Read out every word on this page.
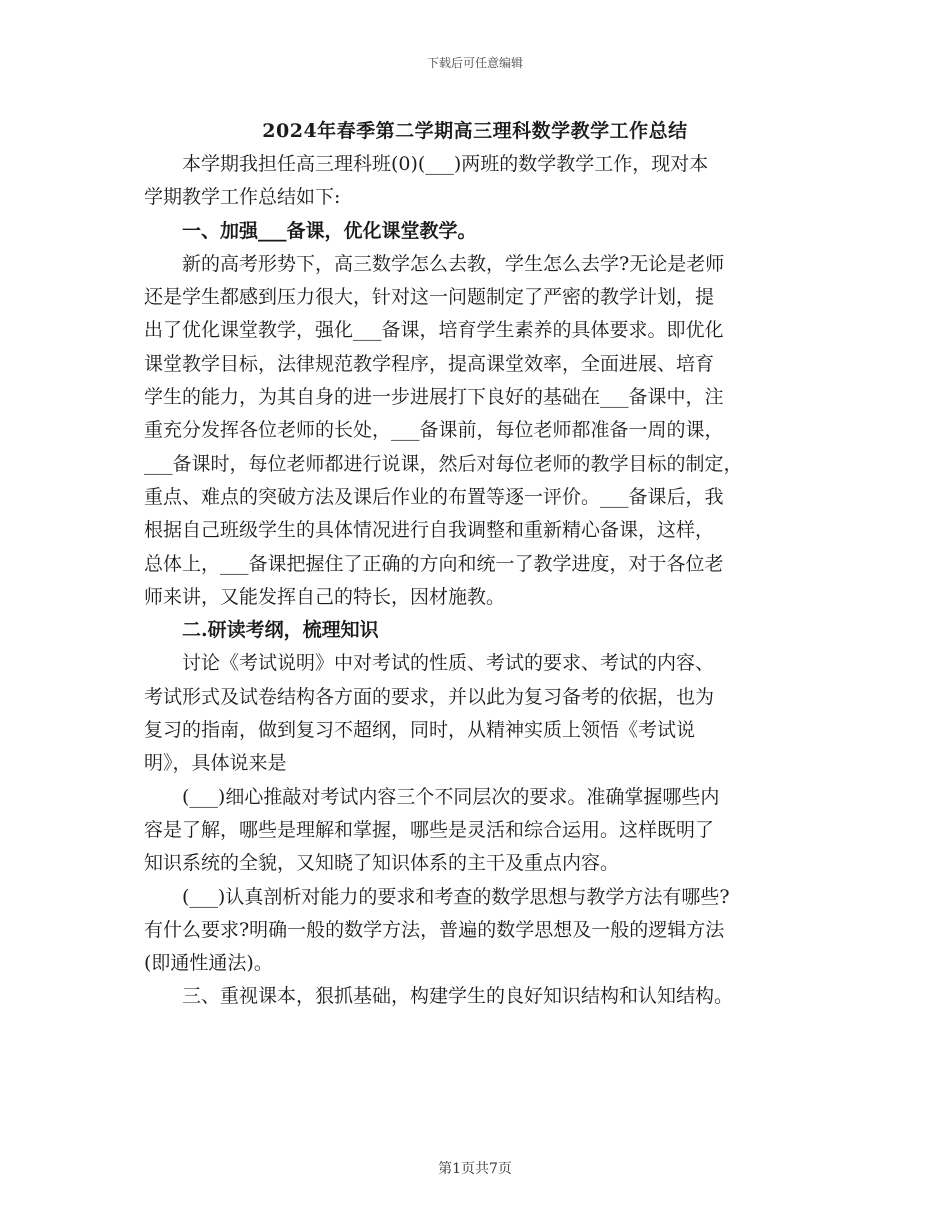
下载后可任意编辑
2024年春季第二学期高三理科数学教学工作总结
本学期我担任高三理科班(0)(___)两班的数学教学工作，现对本
学期教学工作总结如下:
一、加强___备课，优化课堂教学。
新的高考形势下，高三数学怎么去教，学生怎么去学?无论是老师
还是学生都感到压力很大，针对这一问题制定了严密的教学计划，提
出了优化课堂教学，强化___备课，培育学生素养的具体要求。即优化
课堂教学目标，法律规范教学程序，提高课堂效率，全面进展、培育
学生的能力，为其自身的进一步进展打下良好的基础在___备课中，注
重充分发挥各位老师的长处，___备课前，每位老师都准备一周的课，
___备课时，每位老师都进行说课，然后对每位老师的教学目标的制定，
重点、难点的突破方法及课后作业的布置等逐一评价。___备课后，我
根据自己班级学生的具体情况进行自我调整和重新精心备课，这样，
总体上，___备课把握住了正确的方向和统一了教学进度，对于各位老
师来讲，又能发挥自己的特长，因材施教。
二.研读考纲，梳理知识
讨论《考试说明》中对考试的性质、考试的要求、考试的内容、
考试形式及试卷结构各方面的要求，并以此为复习备考的依据，也为
复习的指南，做到复习不超纲，同时，从精神实质上领悟《考试说
明》，具体说来是
(___)细心推敲对考试内容三个不同层次的要求。准确掌握哪些内
容是了解，哪些是理解和掌握，哪些是灵活和综合运用。这样既明了
知识系统的全貌，又知晓了知识体系的主干及重点内容。
(___)认真剖析对能力的要求和考查的数学思想与教学方法有哪些?
有什么要求?明确一般的数学方法，普遍的数学思想及一般的逻辑方法
(即通性通法)。
三、重视课本，狠抓基础，构建学生的良好知识结构和认知结构。
第1页共7页
